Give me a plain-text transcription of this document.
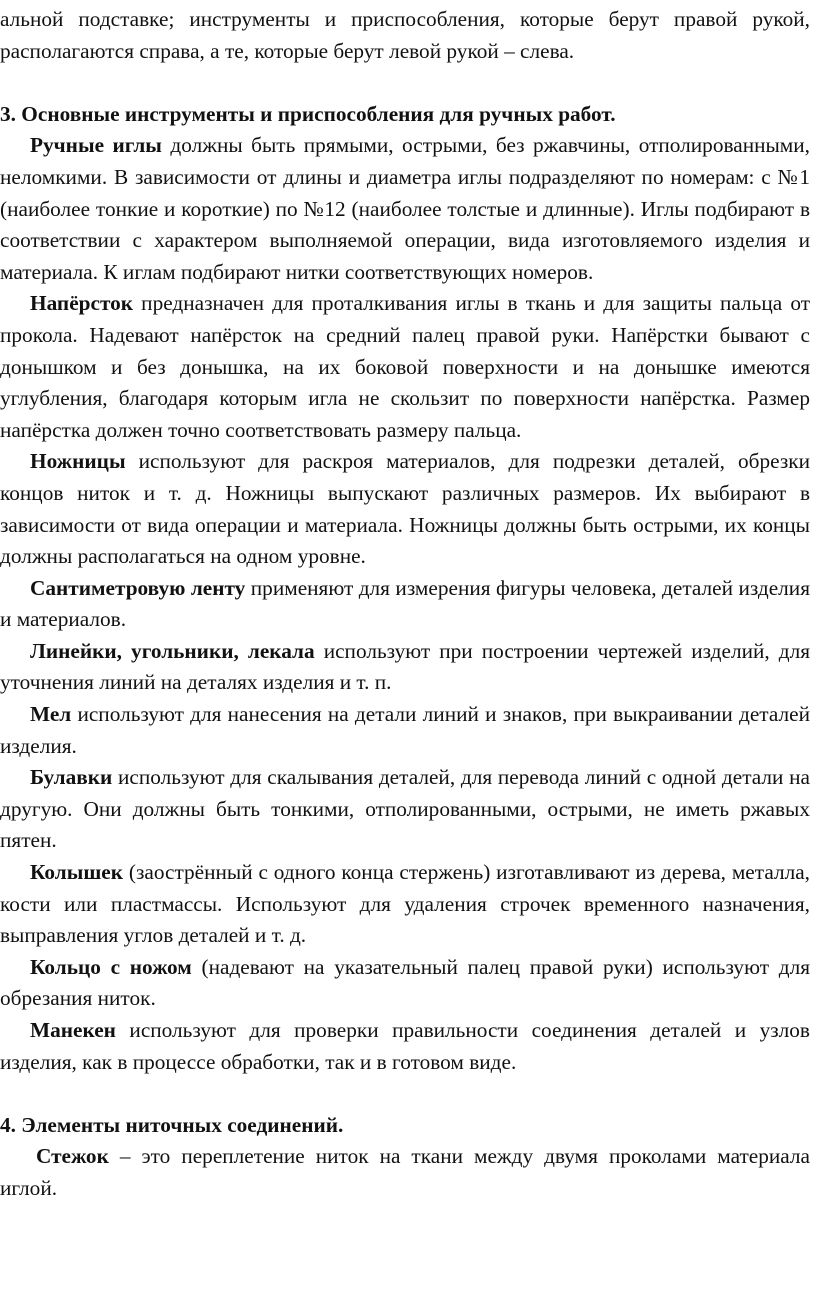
альной подставке; инструменты и приспособления, которые берут правой рукой, располагаются справа, а те, которые берут левой рукой – слева.

3. Основные инструменты и приспособления для ручных работ.

Ручные иглы должны быть прямыми, острыми, без ржавчины, отполированными, неломкими. В зависимости от длины и диаметра иглы подразделяют по номерам: с №1 (наиболее тонкие и короткие) по №12 (наиболее толстые и длинные). Иглы подбирают в соответствии с характером выполняемой операции, вида изготовляемого изделия и материала. К иглам подбирают нитки соответствующих номеров.

Напёрсток предназначен для проталкивания иглы в ткань и для защиты пальца от прокола. Надевают напёрсток на средний палец правой руки. Напёрстки бывают с донышком и без донышка, на их боковой поверхности и на донышке имеются углубления, благодаря которым игла не скользит по поверхности напёрстка. Размер напёрстка должен точно соответствовать размеру пальца.

Ножницы используют для раскроя материалов, для подрезки деталей, обрезки концов ниток и т. д. Ножницы выпускают различных размеров. Их выбирают в зависимости от вида операции и материала. Ножницы должны быть острыми, их концы должны располагаться на одном уровне.

Сантиметровую ленту применяют для измерения фигуры человека, деталей изделия и материалов.

Линейки, угольники, лекала используют при построении чертежей изделий, для уточнения линий на деталях изделия и т. п.

Мел используют для нанесения на детали линий и знаков, при выкраивании деталей изделия.

Булавки используют для скалывания деталей, для перевода линий с одной детали на другую. Они должны быть тонкими, отполированными, острыми, не иметь ржавых пятен.

Колышек (заострённый с одного конца стержень) изготавливают из дерева, металла, кости или пластмассы. Используют для удаления строчек временного назначения, выправления углов деталей и т. д.

Кольцо с ножом (надевают на указательный палец правой руки) используют для обрезания ниток.

Манекен используют для проверки правильности соединения деталей и узлов изделия, как в процессе обработки, так и в готовом виде.

4. Элементы ниточных соединений.

Стежок – это переплетение ниток на ткани между двумя проколами материала иглой.
